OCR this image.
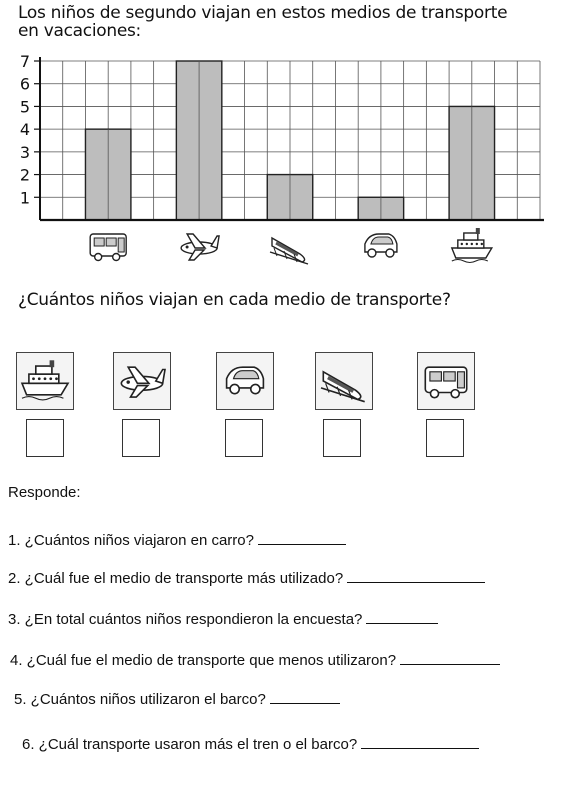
Los niños de segundo viajan en estos medios de transporte
en vacaciones:
1
2
3
4
5
6
7
¿Cuántos niños viajan en cada medio de transporte?
Responde:
1. ¿Cuántos niños viajaron en carro?
2. ¿Cuál fue el medio de transporte más utilizado?
3. ¿En total cuántos niños respondieron la encuesta?
4. ¿Cuál fue el medio de transporte que menos utilizaron?
5. ¿Cuántos niños utilizaron el barco?
6. ¿Cuál transporte usaron más el tren o el barco?
